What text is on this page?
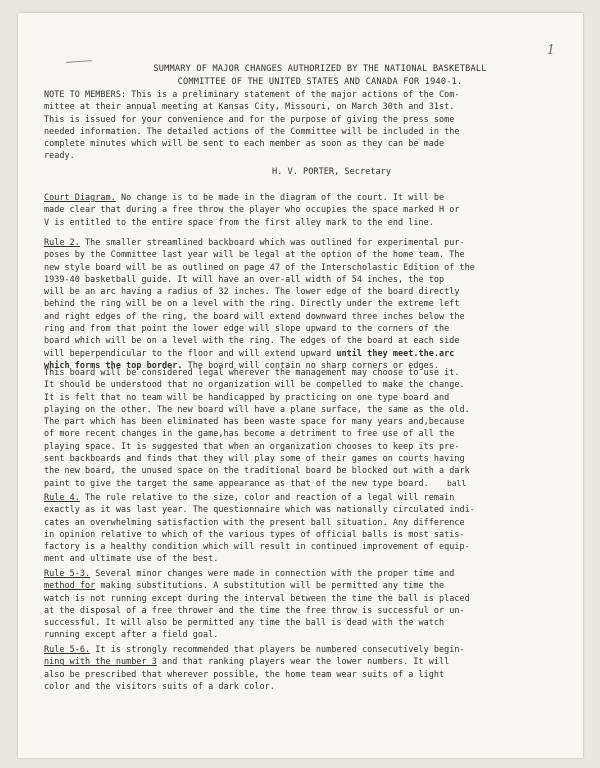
1
SUMMARY OF MAJOR CHANGES AUTHORIZED BY THE NATIONAL BASKETBALL
COMMITTEE OF THE UNITED STATES AND CANADA FOR 1940-1.
NOTE TO MEMBERS: This is a preliminary statement of the major actions of the Com-
mittee at their annual meeting at Kansas City, Missouri, on March 30th and 31st.
This is issued for your convenience and for the purpose of giving the press some
needed information. The detailed actions of the Committee will be included in the
complete minutes which will be sent to each member as soon as they can be made
ready.
H. V. PORTER, Secretary
Court Diagram. No change is to be made in the diagram of the court. It will be
made clear that during a free throw the player who occupies the space marked H or
V is entitled to the entire space from the first alley mark to the end line.
Rule 2. The smaller streamlined backboard which was outlined for experimental pur-
poses by the Committee last year will be legal at the option of the home team. The
new style board will be as outlined on page 47 of the Interscholastic Edition of the
1939-40 basketball guide. It will have an over-all width of 54 inches, the top
will be an arc having a radius of 32 inches. The lower edge of the board directly
behind the ring will be on a level with the ring. Directly under the extreme left
and right edges of the ring, the board will extend downward three inches below the
ring and from that point the lower edge will slope upward to the corners of the
board which will be on a level with the ring. The edges of the board at each side
will beperpendicular to the floor and will extend upward until they meet.the.arc
which forms the top border. The board will contain no sharp corners or edges.
This board will be considered legal wherever the management may choose to use it.
It should be understood that no organization will be compelled to make the change.
It is felt that no team will be handicapped by practicing on one type board and
playing on the other. The new board will have a plane surface, the same as the old.
The part which has been eliminated has been waste space for many years and,because
of more recent changes in the game,has become a detriment to free use of all the
playing space. It is suggested that when an organization chooses to keep its pre-
sent backboards and finds that they will play some of their games on courts having
the new board, the unused space on the traditional board be blocked out with a dark
paint to give the target the same appearance as that of the new type board.	ball
Rule 4. The rule relative to the size, color and reaction of a legal will remain
exactly as it was last year. The questionnaire which was nationally circulated indi-
cates an overwhelming satisfaction with the present ball situation. Any difference
in opinion relative to which of the various types of official balls is most satis-
factory is a healthy condition which will result in continued improvement of equip-
ment and ultimate use of the best.
Rule 5-3. Several minor changes were made in connection with the proper time and
method for making substitutions. A substitution will be permitted any time the
watch is not running except during the interval between the time the ball is placed
at the disposal of a free thrower and the time the free throw is successful or un-
successful. It will also be permitted any time the ball is dead with the watch
running except after a field goal.
Rule 5-6. It is strongly recommended that players be numbered consecutively begin-
ning with the number 3 and that ranking players wear the lower numbers. It will
also be prescribed that wherever possible, the home team wear suits of a light
color and the visitors suits of a dark color.
